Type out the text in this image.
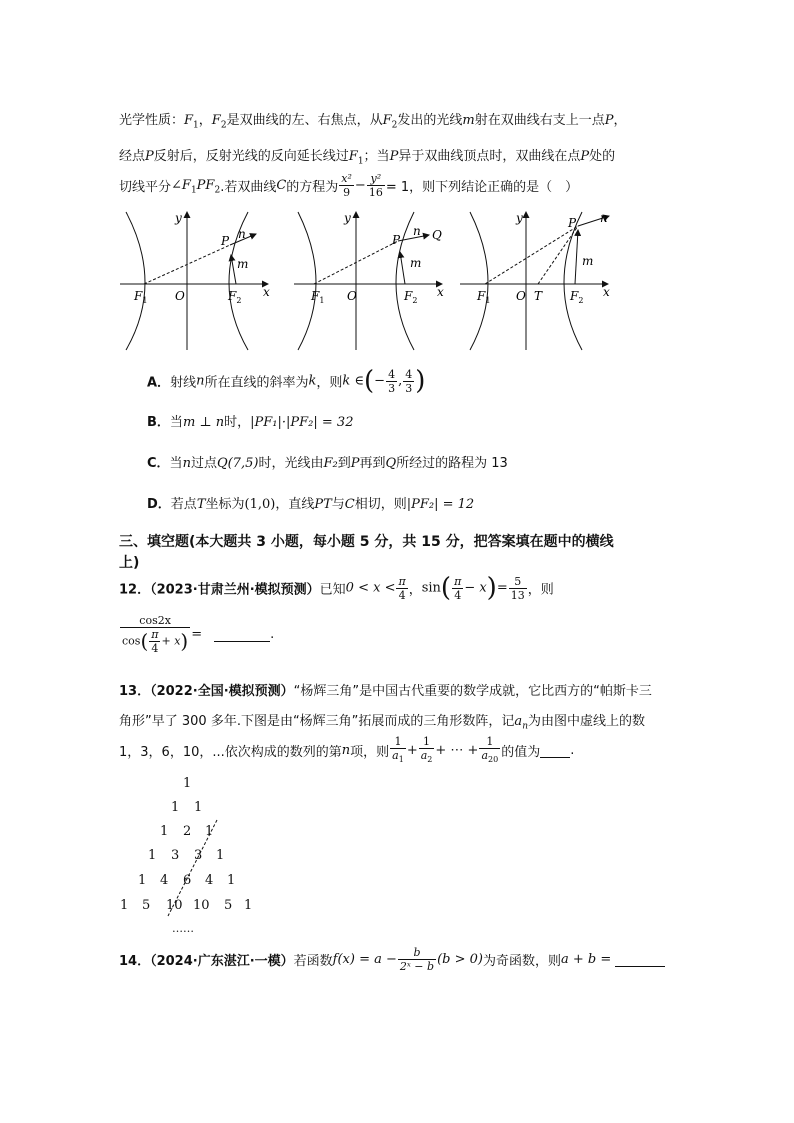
光学性质：$F_1$，$F_2$是双曲线的左、右焦点，从$F_2$发出的光线m射在双曲线右支上一点P，
经点P反射后，反射光线的反向延长线过$F_1$；当P异于双曲线顶点时，双曲线在点P处的
切线平分$\angle F_1PF_2$.若双曲线C的方程为 $\frac{\text{x²}}{9} - \frac{\text{y²}}{16} = 1$，则下列结论正确的是（　）
y
x
O
$F_1$	$F_2$
P n
m
y
x
O
$F_1$	$F_2$
P
n Q
m
y
x
O T
$F_1$	$F_2$
P n
m
A．射线n所在直线的斜率为k，则k ∈(− $\frac{4}{3}$ , $\frac{4}{3}$ )
B．当m ⊥ n时，|PF₁|·|PF₂| = 32
C．当n过点Q(7,5)时，光线由F₂到P再到Q所经过的路程为 13
D．若点T坐标为(1,0)，直线PT与C相切，则|PF₂| = 12
三、填空题(本大题共 3 小题，每小题 5 分，共 15 分，把答案填在题中的横线
上)
12．（2023·甘肃兰州·模拟预测）已知$0 < x < \frac{\pi}{4}$ ，$\sin( \frac{\pi}{4} - x)= \frac{5}{13}$ ，则
$\frac{\cos 2x}{\cos( \frac{\pi}{4} + x)}$ =	.
13．（2022·全国·模拟预测）“杨辉三角”是中国古代重要的数学成就，它比西方的“帕斯卡三
角形”早了 300 多年.下图是由“杨辉三角”拓展而成的三角形数阵，记$a_n$为由图中虚线上的数
1，3，6，10，...依次构成的数列的第n项，则 $\frac{1}{a_1} + \frac{1}{a_2}$ + ⋯ + $\frac{1}{a_{20}}$ 的值为 .
1
1 1
1 2 1
1 3 3 1
1 4 6 4 1
1 5 10 10 5 1
……
14．（2024·广东湛江·一模）若函数$f(x) = a - \frac{b}{\text{2ˣ − b}} (b > 0)$为奇函数，则a + b =
